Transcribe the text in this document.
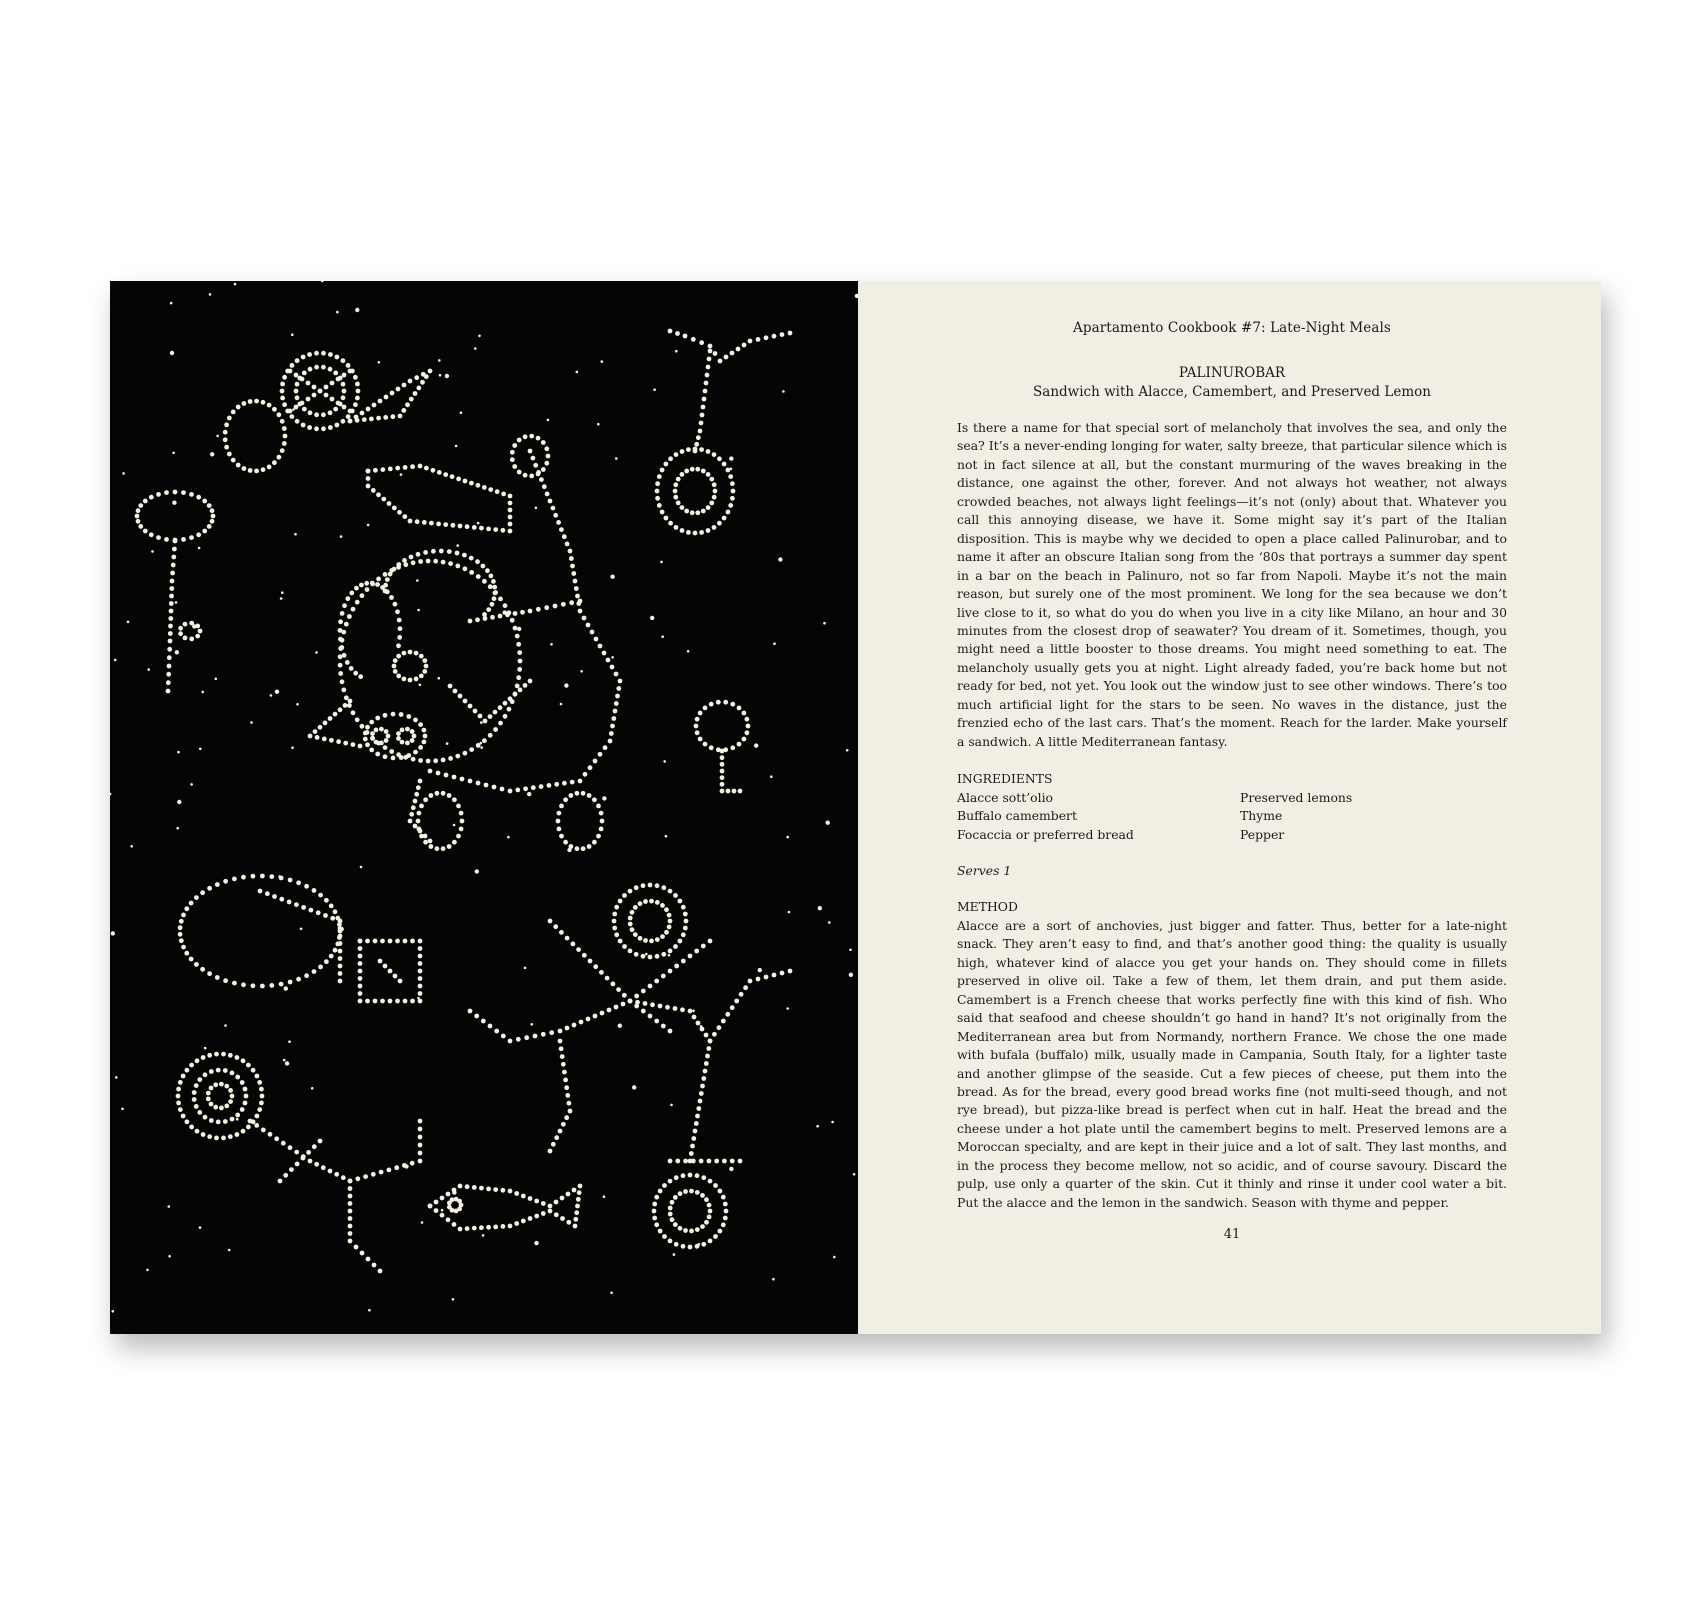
Apartamento Cookbook #7: Late-Night Meals
PALINUROBAR
Sandwich with Alacce, Camembert, and Preserved Lemon

Is there a name for that special sort of melancholy that involves the sea, and only the sea? It’s a never-ending longing for water, salty breeze, that particular silence which is not in fact silence at all, but the constant murmuring of the waves breaking in the distance, one against the other, forever. And not always hot weather, not always crowded beaches, not always light feelings—it’s not (only) about that. Whatever you call this annoying disease, we have it. Some might say it’s part of the Italian disposition. This is maybe why we decided to open a place called Palinurobar, and to name it after an obscure Italian song from the ‘80s that portrays a summer day spent in a bar on the beach in Palinuro, not so far from Napoli. Maybe it’s not the main reason, but surely one of the most prominent. We long for the sea because we don’t live close to it, so what do you do when you live in a city like Milano, an hour and 30 minutes from the closest drop of seawater? You dream of it. Sometimes, though, you might need a little booster to those dreams. You might need something to eat. The melancholy usually gets you at night. Light already faded, you’re back home but not ready for bed, not yet. You look out the window just to see other windows. There’s too much artificial light for the stars to be seen. No waves in the distance, just the frenzied echo of the last cars. That’s the moment. Reach for the larder. Make yourself a sandwich. A little Mediterranean fantasy.

INGREDIENTS
Alacce sott’olio
Buffalo camembert
Focaccia or preferred bread
Preserved lemons
Thyme
Pepper
Serves 1
METHOD

Alacce are a sort of anchovies, just bigger and fatter. Thus, better for a late-night snack. They aren’t easy to find, and that’s another good thing: the quality is usually high, whatever kind of alacce you get your hands on. They should come in fillets preserved in olive oil. Take a few of them, let them drain, and put them aside. Camembert is a French cheese that works perfectly fine with this kind of fish. Who said that seafood and cheese shouldn’t go hand in hand? It’s not originally from the Mediterranean area but from Normandy, northern France. We chose the one made with bufala (buffalo) milk, usually made in Campania, South Italy, for a lighter taste and another glimpse of the seaside. Cut a few pieces of cheese, put them into the bread. As for the bread, every good bread works fine (not multi-seed though, and not rye bread), but pizza-like bread is perfect when cut in half. Heat the bread and the cheese under a hot plate until the camembert begins to melt. Preserved lemons are a Moroccan specialty, and are kept in their juice and a lot of salt. They last months, and in the process they become mellow, not so acidic, and of course savoury. Discard the pulp, use only a quarter of the skin. Cut it thinly and rinse it under cool water a bit. Put the alacce and the lemon in the sandwich. Season with thyme and pepper.

41
